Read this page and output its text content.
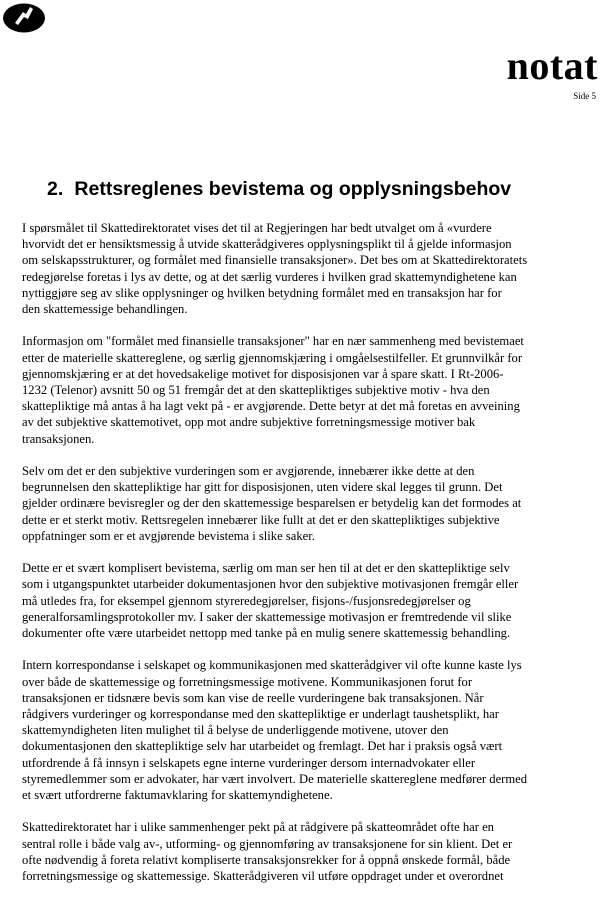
notat
Side 5
2. Rettsreglenes bevistema og opplysningsbehov

I spørsmålet til Skattedirektoratet vises det til at Regjeringen har bedt utvalget om å «vurdere
hvorvidt det er hensiktsmessig å utvide skatterådgiveres opplysningsplikt til å gjelde informasjon
om selskapsstrukturer, og formålet med finansielle transaksjoner». Det bes om at Skattedirektoratets
redegjørelse foretas i lys av dette, og at det særlig vurderes i hvilken grad skattemyndighetene kan
nyttiggjøre seg av slike opplysninger og hvilken betydning formålet med en transaksjon har for
den skattemessige behandlingen.

Informasjon om "formålet med finansielle transaksjoner" har en nær sammenheng med bevistemaet
etter de materielle skattereglene, og særlig gjennomskjæring i omgåelsestilfeller. Et grunnvilkår for
gjennomskjæring er at det hovedsakelige motivet for disposisjonen var å spare skatt. I Rt-2006-
1232 (Telenor) avsnitt 50 og 51 fremgår det at den skattepliktiges subjektive motiv - hva den
skattepliktige må antas å ha lagt vekt på - er avgjørende. Dette betyr at det må foretas en avveining
av det subjektive skattemotivet, opp mot andre subjektive forretningsmessige motiver bak
transaksjonen.

Selv om det er den subjektive vurderingen som er avgjørende, innebærer ikke dette at den
begrunnelsen den skattepliktige har gitt for disposisjonen, uten videre skal legges til grunn. Det
gjelder ordinære bevisregler og der den skattemessige besparelsen er betydelig kan det formodes at
dette er et sterkt motiv. Rettsregelen innebærer like fullt at det er den skattepliktiges subjektive
oppfatninger som er et avgjørende bevistema i slike saker.

Dette er et svært komplisert bevistema, særlig om man ser hen til at det er den skattepliktige selv
som i utgangspunktet utarbeider dokumentasjonen hvor den subjektive motivasjonen fremgår eller
må utledes fra, for eksempel gjennom styreredegjørelser, fisjons-/fusjonsredegjørelser og
generalforsamlingsprotokoller mv. I saker der skattemessige motivasjon er fremtredende vil slike
dokumenter ofte være utarbeidet nettopp med tanke på en mulig senere skattemessig behandling.

Intern korrespondanse i selskapet og kommunikasjonen med skatterådgiver vil ofte kunne kaste lys
over både de skattemessige og forretningsmessige motivene. Kommunikasjonen forut for
transaksjonen er tidsnære bevis som kan vise de reelle vurderingene bak transaksjonen. Når
rådgivers vurderinger og korrespondanse med den skattepliktige er underlagt taushetsplikt, har
skattemyndigheten liten mulighet til å belyse de underliggende motivene, utover den
dokumentasjonen den skattepliktige selv har utarbeidet og fremlagt. Det har i praksis også vært
utfordrende å få innsyn i selskapets egne interne vurderinger dersom internadvokater eller
styremedlemmer som er advokater, har vært involvert. De materielle skattereglene medfører dermed
et svært utfordrerne faktumavklaring for skattemyndighetene.

Skattedirektoratet har i ulike sammenhenger pekt på at rådgivere på skatteområdet ofte har en
sentral rolle i både valg av-, utforming- og gjennomføring av transaksjonene for sin klient. Det er
ofte nødvendig å foreta relativt kompliserte transaksjonsrekker for å oppnå ønskede formål, både
forretningsmessige og skattemessige. Skatterådgiveren vil utføre oppdraget under et overordnet
